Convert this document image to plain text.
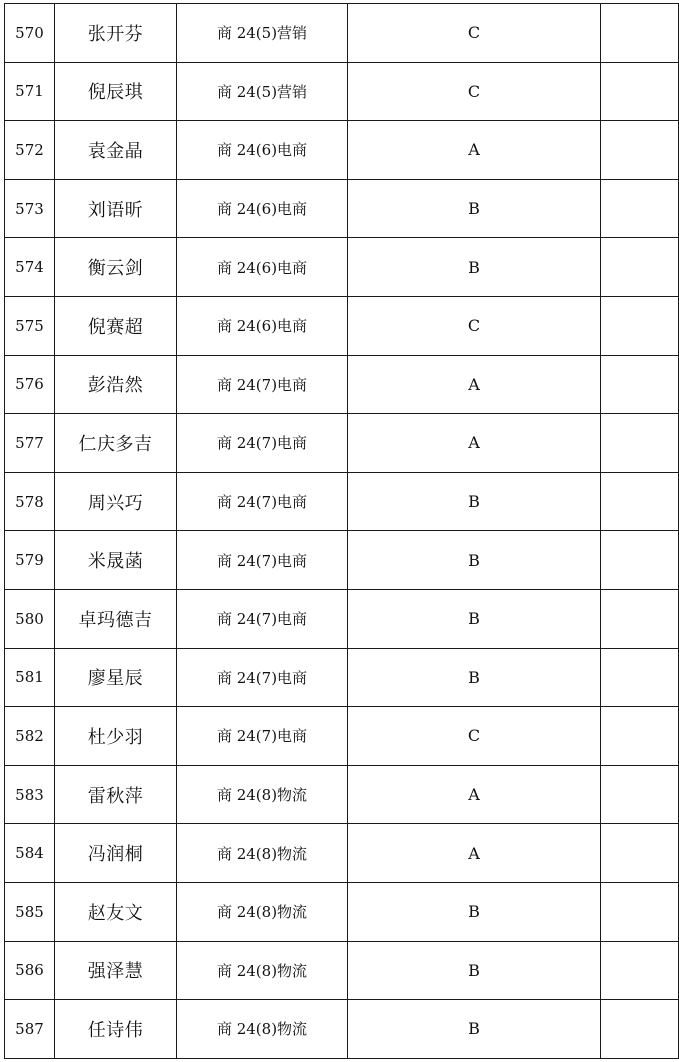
570	张开芬	商 24(5)营销	C	
571	倪辰琪	商 24(5)营销	C	
572	袁金晶	商 24(6)电商	A	
573	刘语昕	商 24(6)电商	B	
574	衡云剑	商 24(6)电商	B	
575	倪赛超	商 24(6)电商	C	
576	彭浩然	商 24(7)电商	A	
577	仁庆多吉	商 24(7)电商	A	
578	周兴巧	商 24(7)电商	B	
579	米晟菡	商 24(7)电商	B	
580	卓玛德吉	商 24(7)电商	B	
581	廖星辰	商 24(7)电商	B	
582	杜少羽	商 24(7)电商	C	
583	雷秋萍	商 24(8)物流	A	
584	冯润桐	商 24(8)物流	A	
585	赵友文	商 24(8)物流	B	
586	强泽慧	商 24(8)物流	B	
587	任诗伟	商 24(8)物流	B	
